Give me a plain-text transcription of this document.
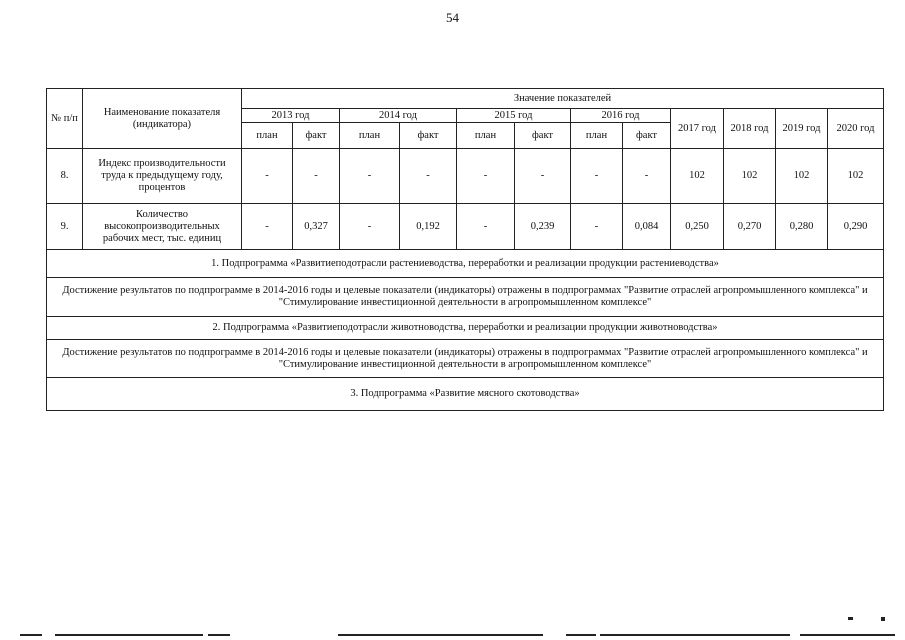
54
№ п/п	Наименование показателя (индикатора)	Значение показателей											
		2013 год		2014 год		2015 год		2016 год		2017 год	2018 год	2019 год	2020 год
		план	факт	план	факт	план	факт	план	факт				
8.	Индекс производительности труда к предыдущему году, процентов	-	-	-	-	-	-	-	-	102	102	102	102
9.	Количество высокопроизводительных рабочих мест, тыс. единиц	-	0,327	-	0,192	-	0,239	-	0,084	0,250	0,270	0,280	0,290
1. Подпрограмма «Развитиеподотрасли растениеводства, переработки и реализации продукции растениеводства»													
Достижение результатов по подпрограмме в 2014-2016 годы и целевые показатели (индикаторы) отражены в подпрограммах "Развитие отраслей агропромышленного комплекса" и "Стимулирование инвестиционной деятельности в агропромышленном комплексе"													
2. Подпрограмма «Развитиеподотрасли животноводства, переработки и реализации продукции животноводства»													
Достижение результатов по подпрограмме в 2014-2016 годы и целевые показатели (индикаторы) отражены в подпрограммах "Развитие отраслей агропромышленного комплекса" и "Стимулирование инвестиционной деятельности в агропромышленном комплексе"													
3. Подпрограмма «Развитие мясного скотоводства»													
